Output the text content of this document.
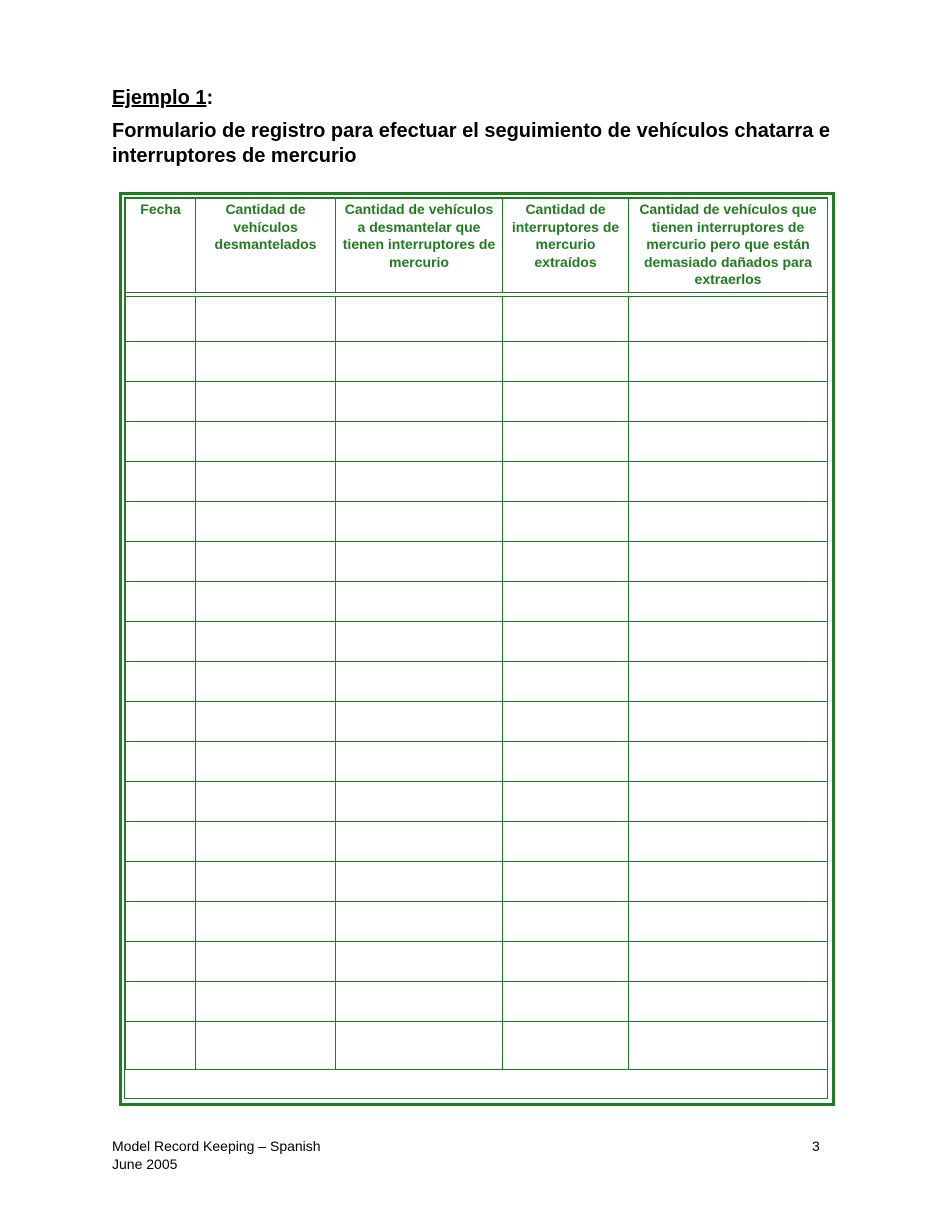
Ejemplo 1:
Formulario de registro para efectuar el seguimiento de vehículos chatarra e interruptores de mercurio
Fecha	Cantidad de vehículos desmantelados	Cantidad de vehículos a desmantelar que tienen interruptores de mercurio	Cantidad de interruptores de mercurio extraídos	Cantidad de vehículos que tienen interruptores de mercurio pero que están demasiado dañados para extraerlos

Model Record Keeping – Spanish
June 2005
3
